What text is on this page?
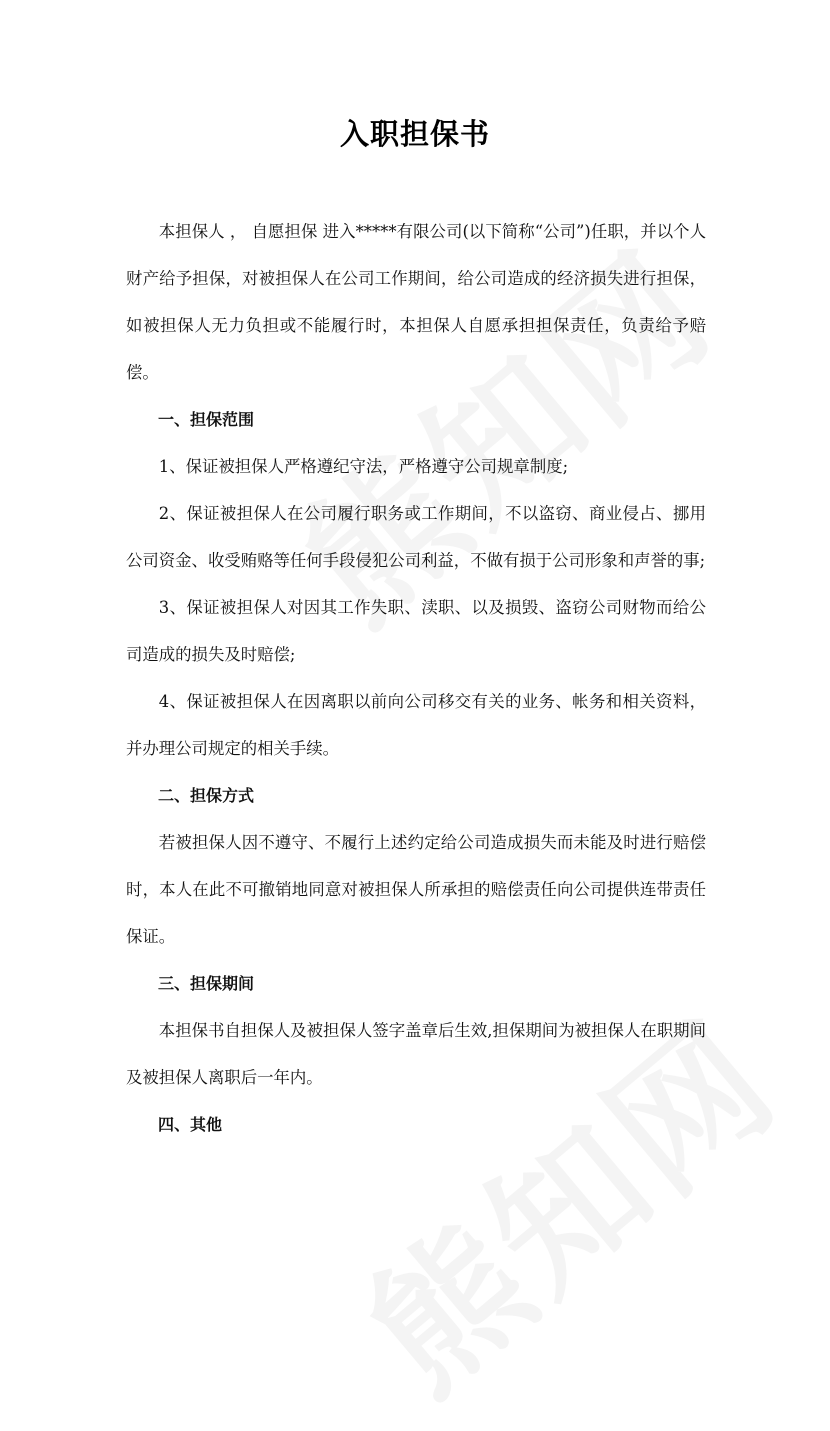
入职担保书

本担保人 ， 自愿担保 进入*****有限公司(以下简称“公司”)任职，并以个人财产给予担保，对被担保人在公司工作期间，给公司造成的经济损失进行担保，如被担保人无力负担或不能履行时，本担保人自愿承担担保责任，负责给予赔偿。

一、担保范围

1、保证被担保人严格遵纪守法，严格遵守公司规章制度;

2、保证被担保人在公司履行职务或工作期间，不以盗窃、商业侵占、挪用公司资金、收受贿赂等任何手段侵犯公司利益，不做有损于公司形象和声誉的事;

3、保证被担保人对因其工作失职、渎职、以及损毁、盗窃公司财物而给公司造成的损失及时赔偿;

4、保证被担保人在因离职以前向公司移交有关的业务、帐务和相关资料，并办理公司规定的相关手续。

二、担保方式

若被担保人因不遵守、不履行上述约定给公司造成损失而未能及时进行赔偿时，本人在此不可撤销地同意对被担保人所承担的赔偿责任向公司提供连带责任保证。

三、担保期间

本担保书自担保人及被担保人签字盖章后生效,担保期间为被担保人在职期间及被担保人离职后一年内。

四、其他
